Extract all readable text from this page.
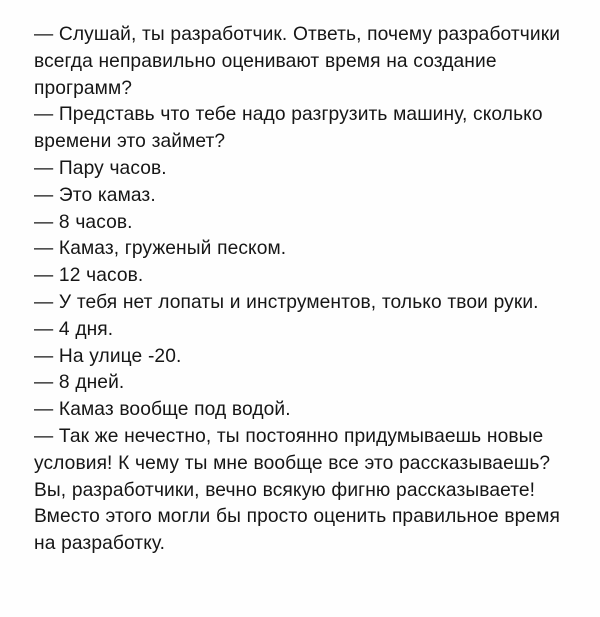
— Слушай, ты разработчик. Ответь, почему разработчики всегда неправильно оценивают время на создание программ?

— Представь что тебе надо разгрузить машину, сколько времени это займет?

— Пару часов.

— Это камаз.

— 8 часов.

— Камаз, груженый песком.

— 12 часов.

— У тебя нет лопаты и инструментов, только твои руки.

— 4 дня.

— На улице -20.

— 8 дней.

— Камаз вообще под водой.

— Так же нечестно, ты постоянно придумываешь новые условия! К чему ты мне вообще все это рассказываешь? Вы, разработчики, вечно всякую фигню рассказываете! Вместо этого могли бы просто оценить правильное время на разработку.
